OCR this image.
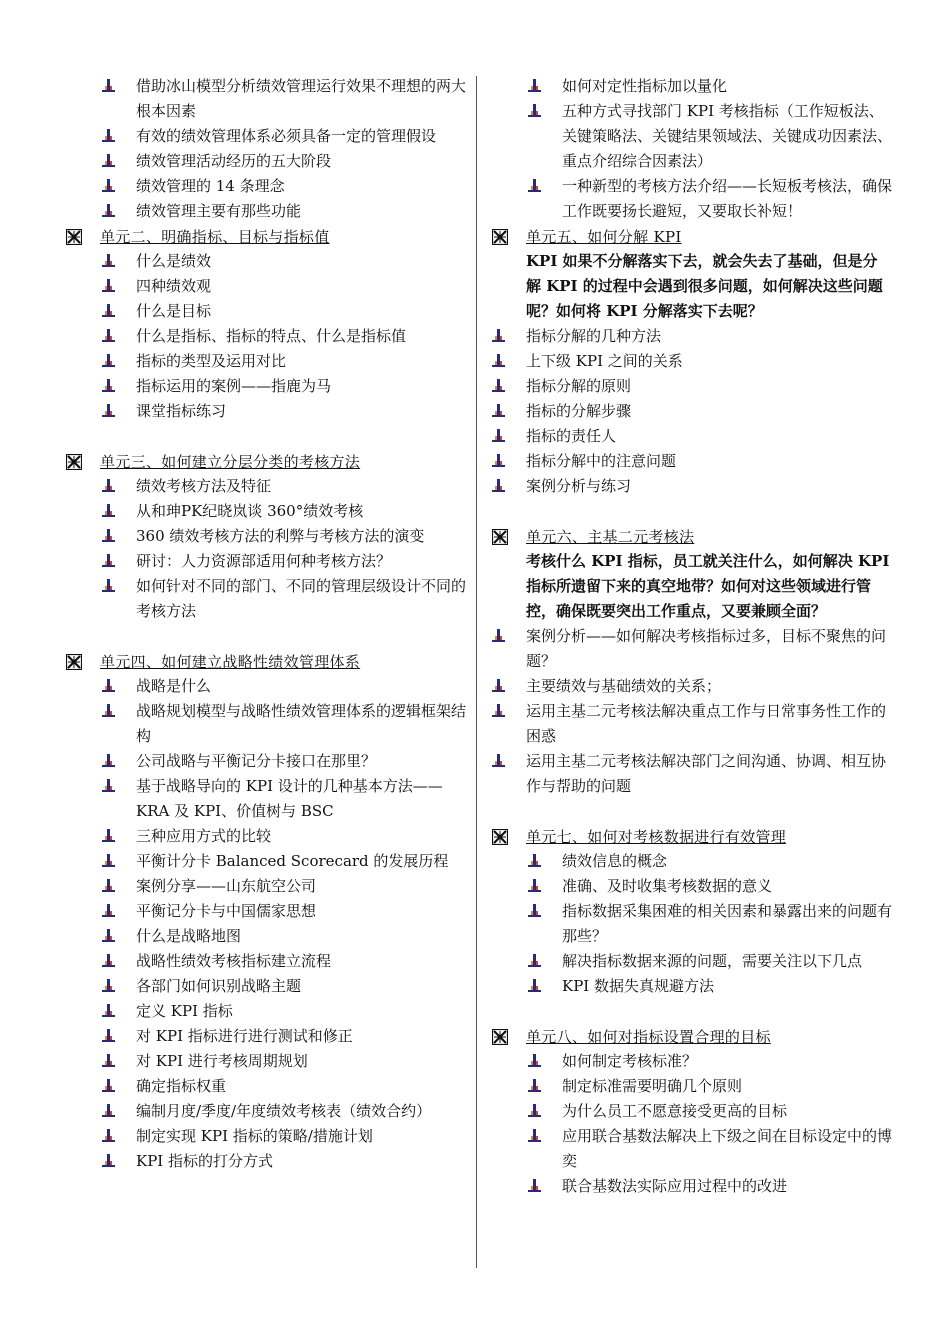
借助冰山模型分析绩效管理运行效果不理想的两大根本因素
有效的绩效管理体系必须具备一定的管理假设
绩效管理活动经历的五大阶段
绩效管理的 14 条理念
绩效管理主要有那些功能
单元二、明确指标、目标与指标值
什么是绩效
四种绩效观
什么是目标
什么是指标、指标的特点、什么是指标值
指标的类型及运用对比
指标运用的案例——指鹿为马
课堂指标练习
单元三、如何建立分层分类的考核方法
绩效考核方法及特征
从和珅PK纪晓岚谈 360°绩效考核
360 绩效考核方法的利弊与考核方法的演变
研讨：人力资源部适用何种考核方法？
如何针对不同的部门、不同的管理层级设计不同的考核方法
单元四、如何建立战略性绩效管理体系
战略是什么
战略规划模型与战略性绩效管理体系的逻辑框架结构
公司战略与平衡记分卡接口在那里？
基于战略导向的 KPI 设计的几种基本方法——KRA 及 KPI、价值树与 BSC
三种应用方式的比较
平衡计分卡 Balanced Scorecard 的发展历程
案例分享——山东航空公司
平衡记分卡与中国儒家思想
什么是战略地图
战略性绩效考核指标建立流程
各部门如何识别战略主题
定义 KPI 指标
对 KPI 指标进行进行测试和修正
对 KPI 进行考核周期规划
确定指标权重
编制月度/季度/年度绩效考核表（绩效合约）
制定实现 KPI 指标的策略/措施计划
KPI 指标的打分方式
如何对定性指标加以量化
五种方式寻找部门 KPI 考核指标（工作短板法、关键策略法、关键结果领域法、关键成功因素法、重点介绍综合因素法）
一种新型的考核方法介绍——长短板考核法，确保工作既要扬长避短，又要取长补短！
单元五、如何分解 KPI

KPI 如果不分解落实下去，就会失去了基础，但是分解 KPI 的过程中会遇到很多问题，如何解决这些问题呢？如何将 KPI 分解落实下去呢？

指标分解的几种方法
上下级 KPI 之间的关系
指标分解的原则
指标的分解步骤
指标的责任人
指标分解中的注意问题
案例分析与练习
单元六、主基二元考核法

考核什么 KPI 指标，员工就关注什么，如何解决 KPI 指标所遗留下来的真空地带？如何对这些领域进行管控，确保既要突出工作重点，又要兼顾全面？

案例分析——如何解决考核指标过多，目标不聚焦的问题？
主要绩效与基础绩效的关系；
运用主基二元考核法解决重点工作与日常事务性工作的困惑
运用主基二元考核法解决部门之间沟通、协调、相互协作与帮助的问题
单元七、如何对考核数据进行有效管理
绩效信息的概念
准确、及时收集考核数据的意义
指标数据采集困难的相关因素和暴露出来的问题有那些？
解决指标数据来源的问题，需要关注以下几点
KPI 数据失真规避方法
单元八、如何对指标设置合理的目标
如何制定考核标准？
制定标准需要明确几个原则
为什么员工不愿意接受更高的目标
应用联合基数法解决上下级之间在目标设定中的博奕
联合基数法实际应用过程中的改进
